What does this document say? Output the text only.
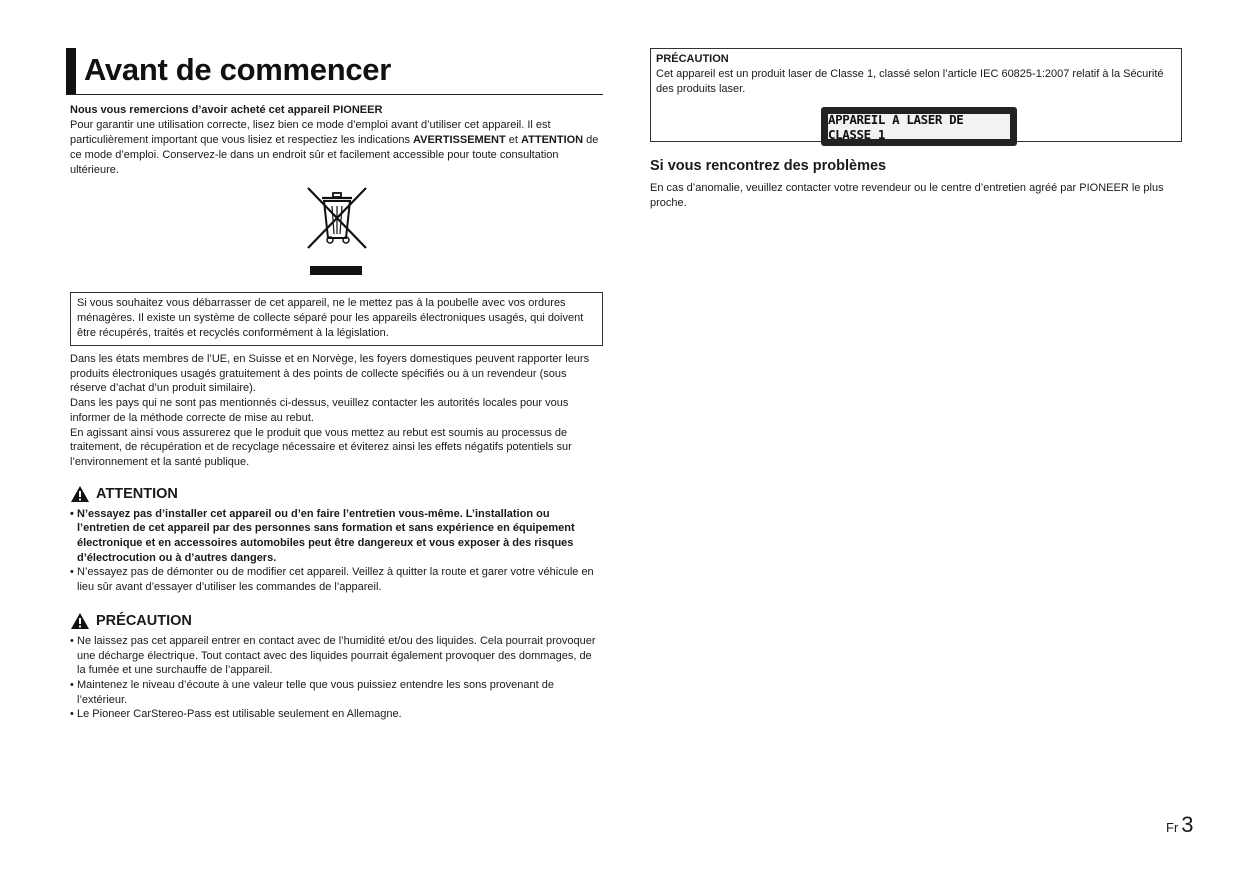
Avant de commencer

Nous vous remercions d’avoir acheté cet appareil PIONEER

Pour garantir une utilisation correcte, lisez bien ce mode d’emploi avant d’utiliser cet appareil. Il est particulièrement important que vous lisiez et respectiez les indications AVERTISSEMENT et ATTENTION de ce mode d’emploi. Conservez-le dans un endroit sûr et facilement accessible pour toute consultation ultérieure.

Si vous souhaitez vous débarrasser de cet appareil, ne le mettez pas à la poubelle avec vos ordures ménagères. Il existe un système de collecte séparé pour les appareils électroniques usagés, qui doivent être récupérés, traités et recyclés conformément à la législation.

Dans les états membres de l’UE, en Suisse et en Norvège, les foyers domestiques peuvent rapporter leurs produits électroniques usagés gratuitement à des points de collecte spécifiés ou à un revendeur (sous réserve d’achat d’un produit similaire).

Dans les pays qui ne sont pas mentionnés ci-dessus, veuillez contacter les autorités locales pour vous informer de la méthode correcte de mise au rebut.

En agissant ainsi vous assurerez que le produit que vous mettez au rebut est soumis au processus de traitement, de récupération et de recyclage nécessaire et éviterez ainsi les effets négatifs potentiels sur l’environnement et la santé publique.

ATTENTION
• N’essayez pas d’installer cet appareil ou d’en faire l’entretien vous-même. L’installation ou l’entretien de cet appareil par des personnes sans formation et sans expérience en équipement électronique et en accessoires automobiles peut être dangereux et vous exposer à des risques d’électrocution ou à d’autres dangers.
• N’essayez pas de démonter ou de modifier cet appareil. Veillez à quitter la route et garer votre véhicule en lieu sûr avant d’essayer d’utiliser les commandes de l’appareil.
PRÉCAUTION
• Ne laissez pas cet appareil entrer en contact avec de l’humidité et/ou des liquides. Cela pourrait provoquer une décharge électrique. Tout contact avec des liquides pourrait également provoquer des dommages, de la fumée et une surchauffe de l’appareil.
• Maintenez le niveau d’écoute à une valeur telle que vous puissiez entendre les sons provenant de l’extérieur.
• Le Pioneer CarStereo-Pass est utilisable seulement en Allemagne.
PRÉCAUTION
Cet appareil est un produit laser de Classe 1, classé selon l’article IEC 60825-1:2007 relatif à la Sécurité des produits laser.
APPAREIL À LASER DE CLASSE 1
Si vous rencontrez des problèmes
En cas d’anomalie, veuillez contacter votre revendeur ou le centre d’entretien agréé par PIONEER le plus proche.
Fr 3
